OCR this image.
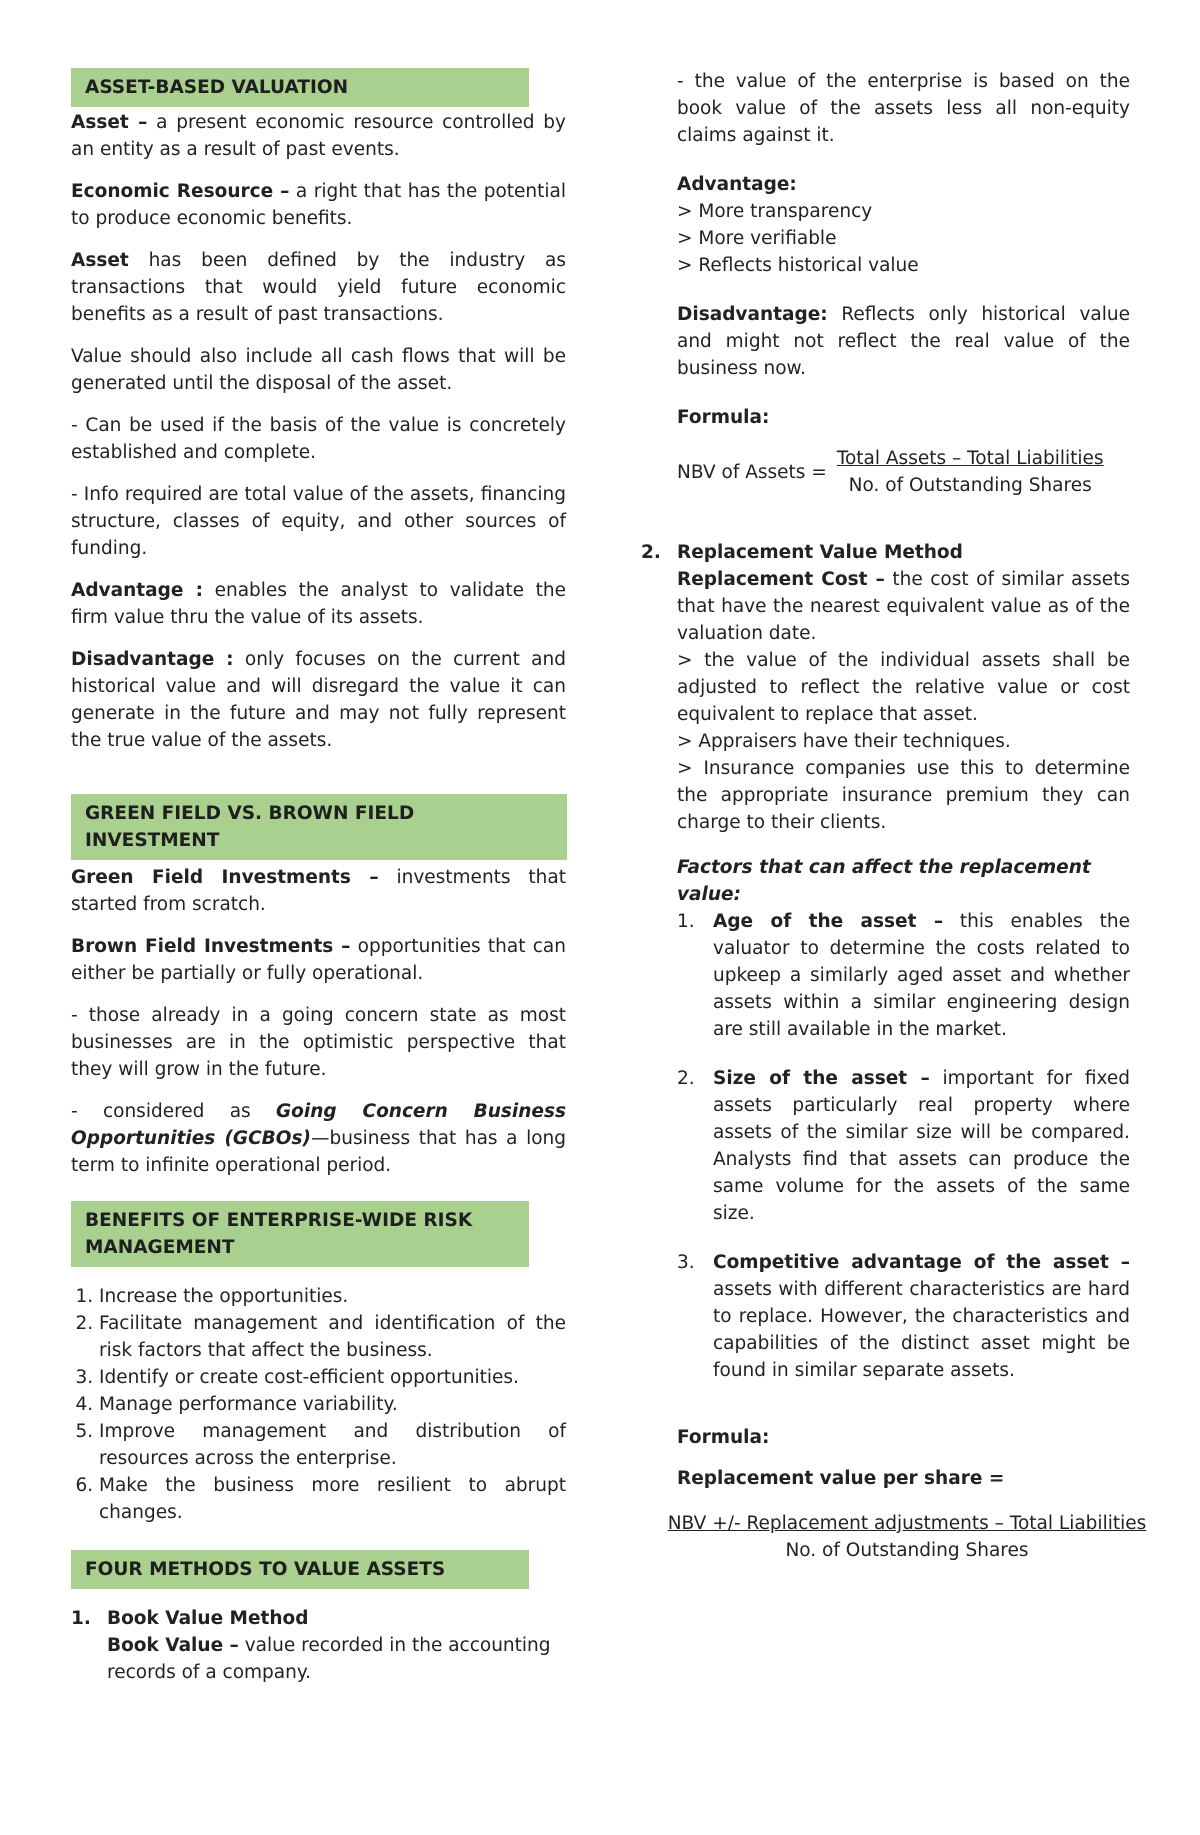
ASSET-BASED VALUATION

Asset – a present economic resource controlled by an entity as a result of past events.

Economic Resource – a right that has the potential to produce economic benefits.

Asset has been defined by the industry as transactions that would yield future economic benefits as a result of past transactions.

Value should also include all cash flows that will be generated until the disposal of the asset.

- Can be used if the basis of the value is concretely established and complete.

- Info required are total value of the assets, financing structure, classes of equity, and other sources of funding.

Advantage : enables the analyst to validate the firm value thru the value of its assets.

Disadvantage : only focuses on the current and historical value and will disregard the value it can generate in the future and may not fully represent the true value of the assets.

GREEN FIELD VS. BROWN FIELD INVESTMENT

Green Field Investments – investments that started from scratch.

Brown Field Investments – opportunities that can either be partially or fully operational.

- those already in a going concern state as most businesses are in the optimistic perspective that they will grow in the future.

- considered as Going Concern Business Opportunities (GCBOs)—business that has a long term to infinite operational period.

BENEFITS OF ENTERPRISE-WIDE RISK MANAGEMENT
1. Increase the opportunities.
2. Facilitate management and identification of the risk factors that affect the business.
3. Identify or create cost-efficient opportunities.
4. Manage performance variability.
5. Improve management and distribution of resources across the enterprise.
6. Make the business more resilient to abrupt changes.
FOUR METHODS TO VALUE ASSETS
1. Book Value Method
Book Value – value recorded in the accounting records of a company.

- the value of the enterprise is based on the book value of the assets less all non-equity claims against it.

Advantage:
> More transparency
> More verifiable
> Reflects historical value

Disadvantage: Reflects only historical value and might not reflect the real value of the business now.

Formula:
NBV of Assets = $\frac{\text{Total Assets – Total Liabilities}}{\text{No. of Outstanding Shares}}$
2. Replacement Value Method

Replacement Cost – the cost of similar assets that have the nearest equivalent value as of the valuation date.
> the value of the individual assets shall be adjusted to reflect the relative value or cost equivalent to replace that asset.
> Appraisers have their techniques.
> Insurance companies use this to determine the appropriate insurance premium they can charge to their clients.
Factors that can affect the replacement value:
1. Age of the asset – this enables the valuator to determine the costs related to upkeep a similarly aged asset and whether assets within a similar engineering design are still available in the market.
2. Size of the asset – important for fixed assets particularly real property where assets of the similar size will be compared. Analysts find that assets can produce the same volume for the assets of the same size.
3. Competitive advantage of the asset – assets with different characteristics are hard to replace. However, the characteristics and capabilities of the distinct asset might be found in similar separate assets.
Formula:
Replacement value per share =
NBV +/- Replacement adjustments – Total Liabilities
No. of Outstanding Shares
